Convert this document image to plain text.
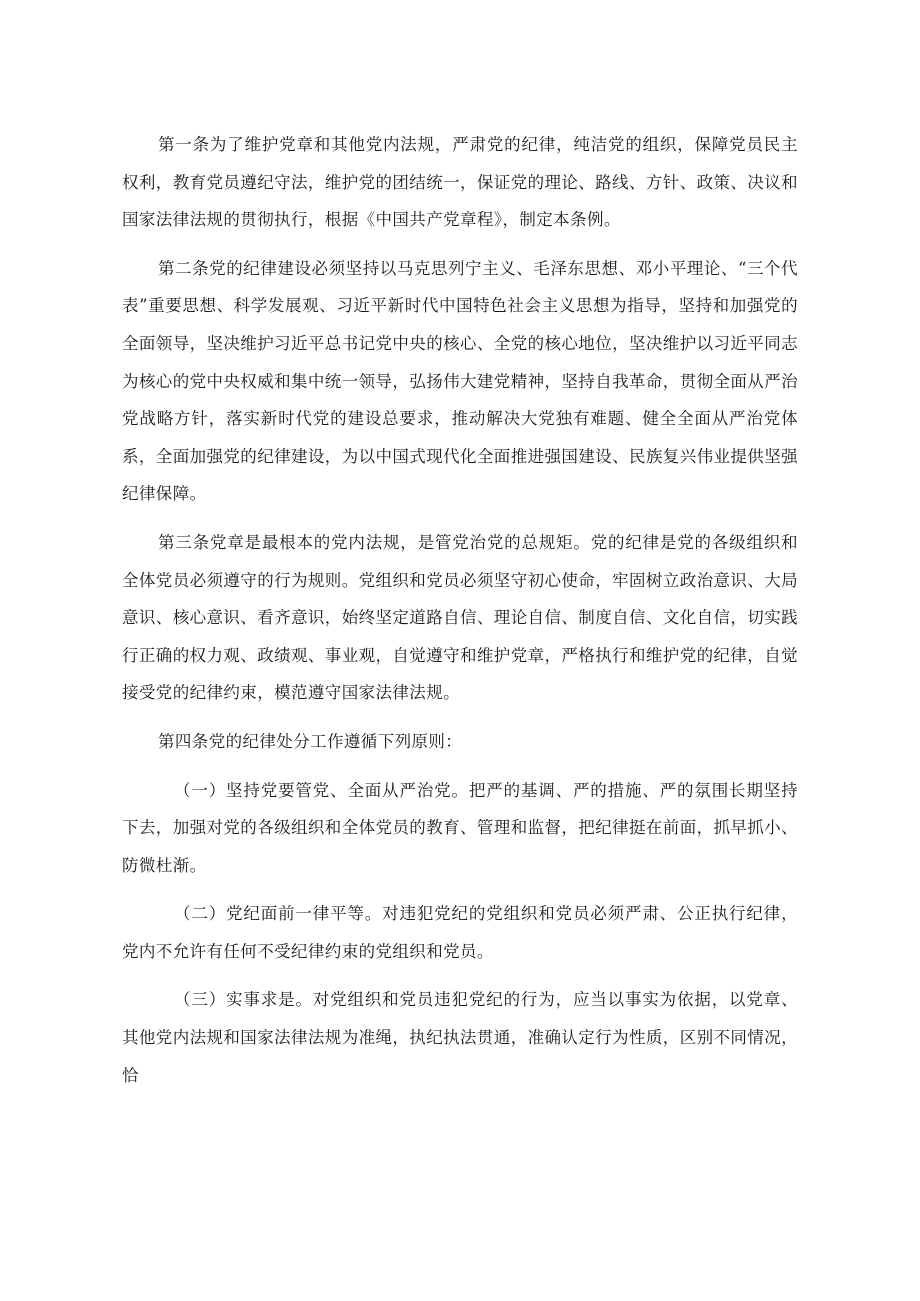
第一条为了维护党章和其他党内法规，严肃党的纪律，纯洁党的组织，保障党员民主权利，教育党员遵纪守法，维护党的团结统一，保证党的理论、路线、方针、政策、决议和国家法律法规的贯彻执行，根据《中国共产党章程》，制定本条例。

第二条党的纪律建设必须坚持以马克思列宁主义、毛泽东思想、邓小平理论、“三个代表”重要思想、科学发展观、习近平新时代中国特色社会主义思想为指导，坚持和加强党的全面领导，坚决维护习近平总书记党中央的核心、全党的核心地位，坚决维护以习近平同志为核心的党中央权威和集中统一领导，弘扬伟大建党精神，坚持自我革命，贯彻全面从严治党战略方针，落实新时代党的建设总要求，推动解决大党独有难题、健全全面从严治党体系，全面加强党的纪律建设，为以中国式现代化全面推进强国建设、民族复兴伟业提供坚强纪律保障。

第三条党章是最根本的党内法规，是管党治党的总规矩。党的纪律是党的各级组织和全体党员必须遵守的行为规则。党组织和党员必须坚守初心使命，牢固树立政治意识、大局意识、核心意识、看齐意识，始终坚定道路自信、理论自信、制度自信、文化自信，切实践行正确的权力观、政绩观、事业观，自觉遵守和维护党章，严格执行和维护党的纪律，自觉接受党的纪律约束，模范遵守国家法律法规。

第四条党的纪律处分工作遵循下列原则：

（一）坚持党要管党、全面从严治党。把严的基调、严的措施、严的氛围长期坚持下去，加强对党的各级组织和全体党员的教育、管理和监督，把纪律挺在前面，抓早抓小、防微杜渐。

（二）党纪面前一律平等。对违犯党纪的党组织和党员必须严肃、公正执行纪律，党内不允许有任何不受纪律约束的党组织和党员。

（三）实事求是。对党组织和党员违犯党纪的行为，应当以事实为依据，以党章、其他党内法规和国家法律法规为准绳，执纪执法贯通，准确认定行为性质，区别不同情况，恰
